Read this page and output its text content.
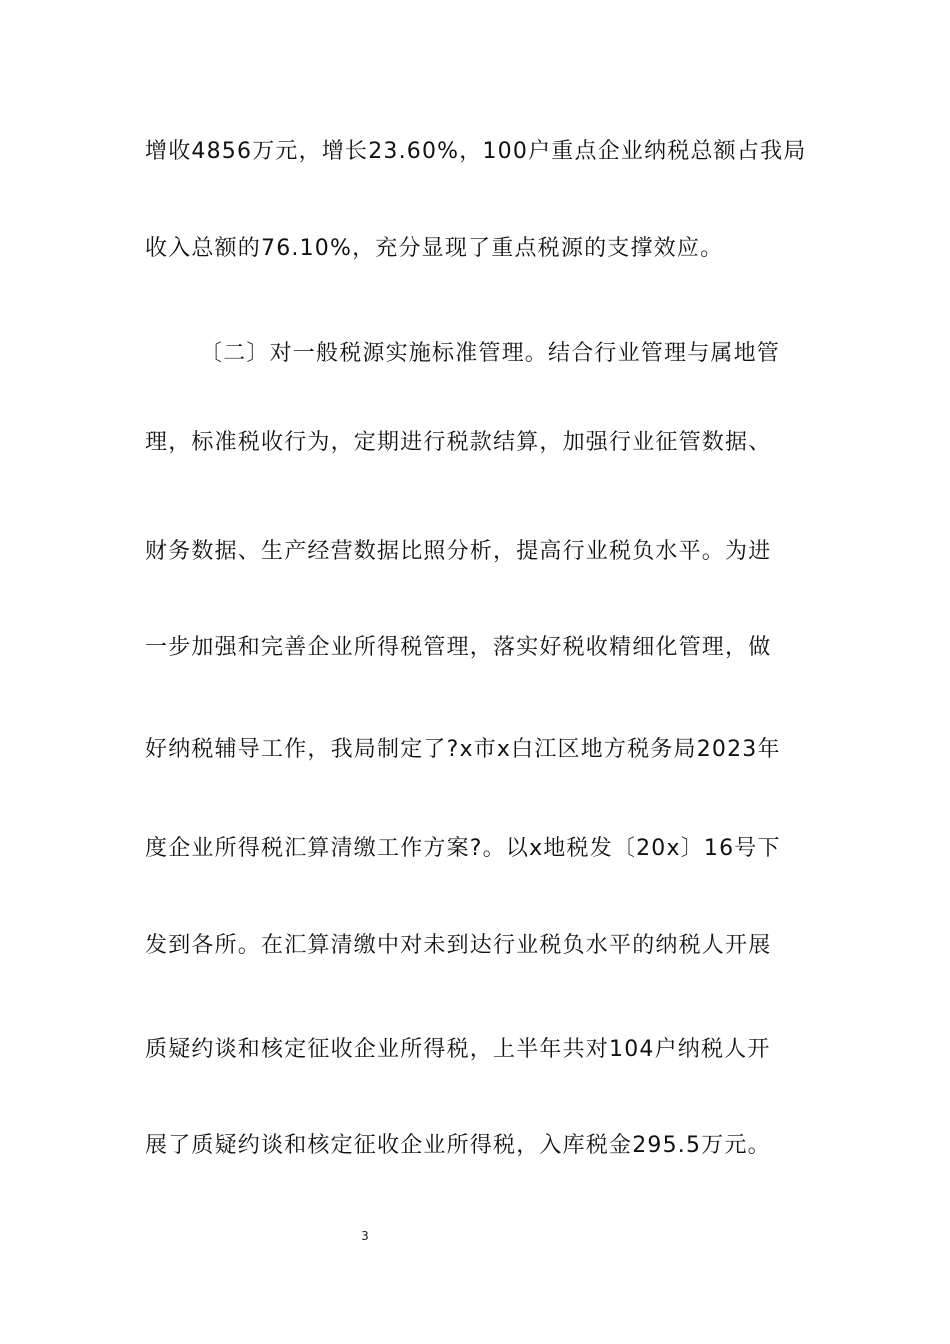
增收4856万元，增长23.60%，100户重点企业纳税总额占我局
收入总额的76.10%，充分显现了重点税源的支撑效应。
〔二〕对一般税源实施标准管理。结合行业管理与属地管
理，标准税收行为，定期进行税款结算，加强行业征管数据、
财务数据、生产经营数据比照分析，提高行业税负水平。为进
一步加强和完善企业所得税管理，落实好税收精细化管理，做
好纳税辅导工作，我局制定了?x市x白江区地方税务局2023年
度企业所得税汇算清缴工作方案?。以x地税发〔20x〕16号下
发到各所。在汇算清缴中对未到达行业税负水平的纳税人开展
质疑约谈和核定征收企业所得税，上半年共对104户纳税人开
展了质疑约谈和核定征收企业所得税，入库税金295.5万元。
3
